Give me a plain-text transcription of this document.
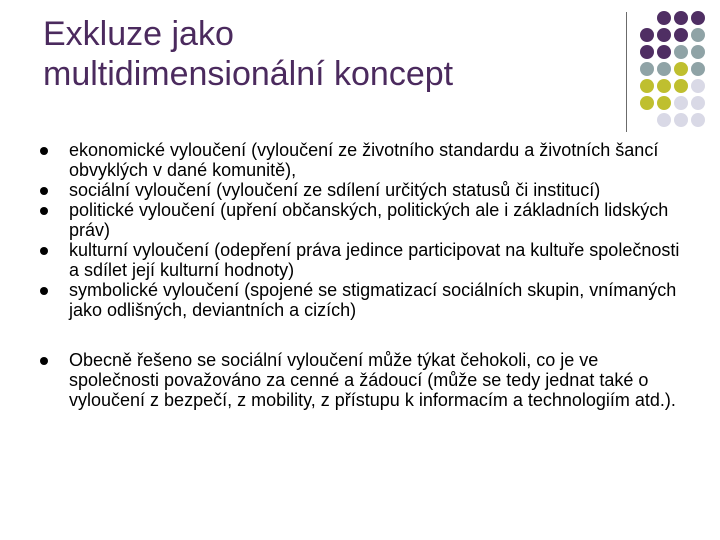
Exkluze jako
multidimensionální koncept
ekonomické vyloučení (vyloučení ze životního standardu a životních šancí obvyklých v dané komunitě),
sociální vyloučení (vyloučení ze sdílení určitých statusů či institucí)
politické vyloučení (upření občanských, politických ale i základních lidských práv)
kulturní vyloučení (odepření práva jedince participovat na kultuře společnosti a sdílet její kulturní hodnoty)
symbolické vyloučení (spojené se stigmatizací sociálních skupin, vnímaných jako odlišných, deviantních a cizích)
Obecně řešeno se sociální vyloučení může týkat čehokoli, co je ve společnosti považováno za cenné a žádoucí (může se tedy jednat také o vyloučení z bezpečí, z mobility, z přístupu k informacím a technologiím atd.).
